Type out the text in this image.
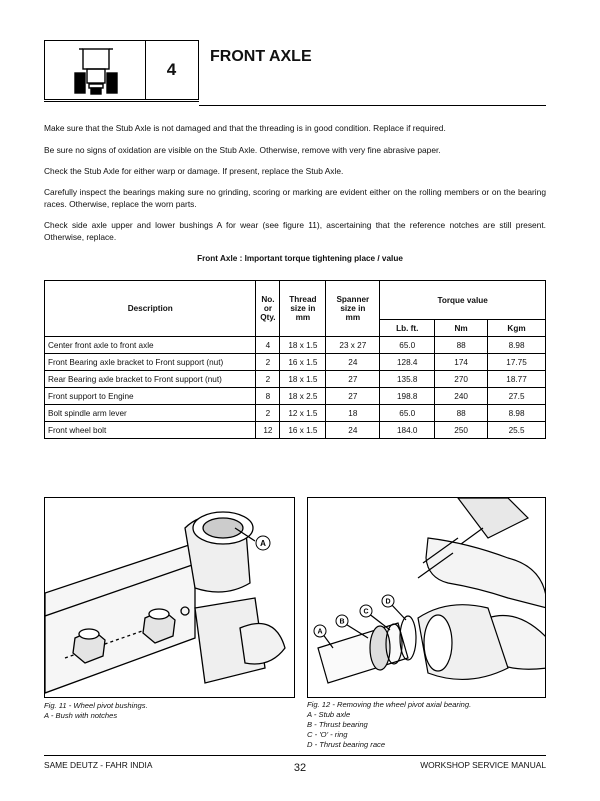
4
FRONT AXLE
Make sure that the Stub Axle is not damaged and that the threading is in good condition. Replace if required.
Be sure no signs of oxidation are visible on the Stub Axle. Otherwise, remove with very fine abrasive paper.
Check the Stub Axle for either warp or damage. If present, replace the Stub Axle.
Carefully inspect the bearings making sure no grinding, scoring or marking are evident either on the rolling members or on the bearing races. Otherwise, replace the worn parts.
Check side axle upper and lower bushings A for wear (see figure 11), ascertaining that the reference notches are still present. Otherwise, replace.
Front Axle : Important torque tightening place / value
Description	No.
or
Qty.	Thread
size in
mm	Spanner
size in
mm	Torque value		
				Lb. ft.	Nm	Kgm
Center front axle to front axle	4	18 x 1.5	23 x 27	65.0	88	8.98
Front Bearing axle bracket to Front support (nut)	2	16 x 1.5	24	128.4	174	17.75
Rear Bearing axle bracket to Front support (nut)	2	18 x 1.5	27	135.8	270	18.77
Front support to Engine	8	18 x 2.5	27	198.8	240	27.5
Bolt spindle arm lever	2	12 x 1.5	18	65.0	88	8.98
Front wheel bolt	12	16 x 1.5	24	184.0	250	25.5
A
Fig. 11 - Wheel pivot bushings.
A - Bush with notches
A
B
C
D
Fig. 12 - Removing the wheel pivot axial bearing.
A - Stub axle
B - Thrust bearing
C - 'O' - ring
D - Thrust bearing race
SAME DEUTZ - FAHR INDIA	32	WORKSHOP SERVICE MANUAL
